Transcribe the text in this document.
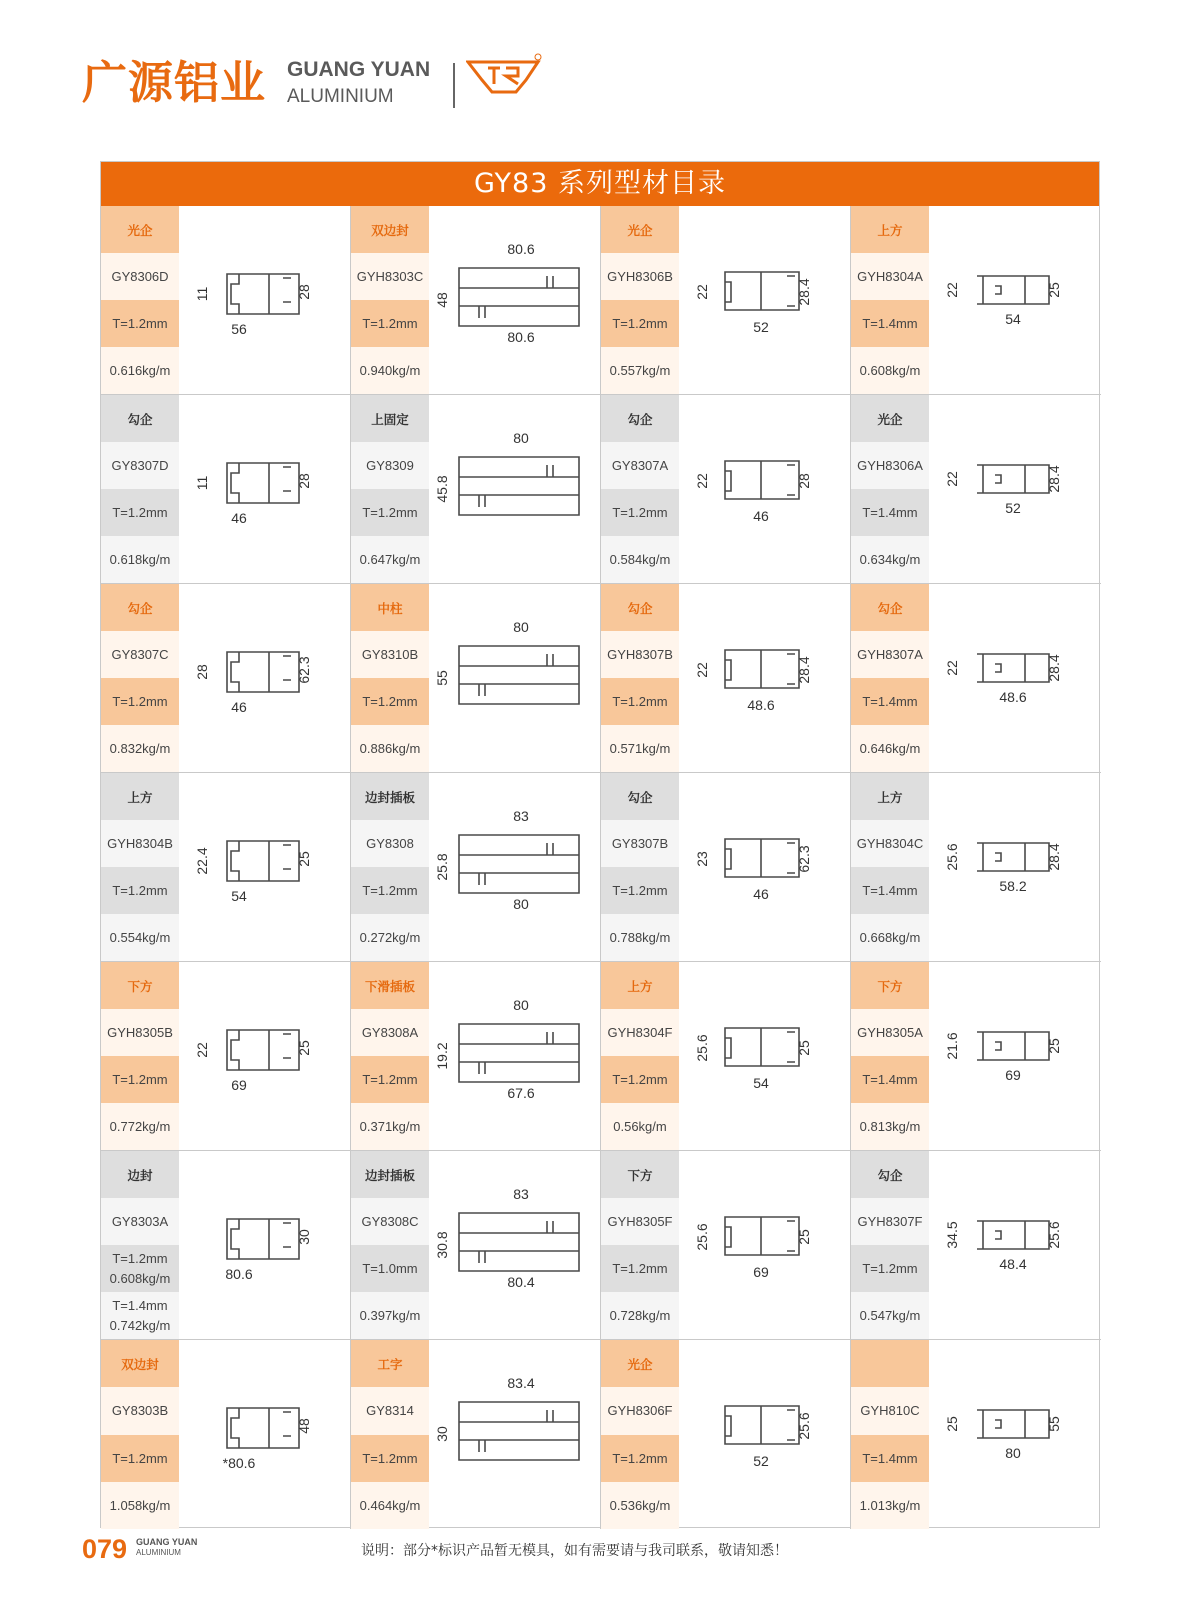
广源铝业 GUANG YUAN
ALUMINIUM
GY83 系列型材目录
光企
GY8306D
T=1.2mm
0.616kg/m
56
28
11
双边封
GYH8303C
T=1.2mm
0.940kg/m
80.6
80.6
48
光企
GYH8306B
T=1.2mm
0.557kg/m
52
28.4
22
上方
GYH8304A
T=1.4mm
0.608kg/m
54
25
22
勾企
GY8307D
T=1.2mm
0.618kg/m
46
28
11
上固定
GY8309
T=1.2mm
0.647kg/m
80
45.8
勾企
GY8307A
T=1.2mm
0.584kg/m
46
28
22
光企
GYH8306A
T=1.4mm
0.634kg/m
52
28.4
22
勾企
GY8307C
T=1.2mm
0.832kg/m
46
62.3
28
中柱
GY8310B
T=1.2mm
0.886kg/m
80
55
勾企
GYH8307B
T=1.2mm
0.571kg/m
48.6
28.4
22
勾企
GYH8307A
T=1.4mm
0.646kg/m
48.6
28.4
22
上方
GYH8304B
T=1.2mm
0.554kg/m
54
25
22.4
边封插板
GY8308
T=1.2mm
0.272kg/m
83
80
25.8
勾企
GY8307B
T=1.2mm
0.788kg/m
46
62.3
23
上方
GYH8304C
T=1.4mm
0.668kg/m
58.2
28.4
25.6
下方
GYH8305B
T=1.2mm
0.772kg/m
69
25
22
下滑插板
GY8308A
T=1.2mm
0.371kg/m
80
67.6
19.2
上方
GYH8304F
T=1.2mm
0.56kg/m
54
25
25.6
下方
GYH8305A
T=1.4mm
0.813kg/m
69
25
21.6
边封
GY8303A
T=1.2mm
0.608kg/m
T=1.4mm
0.742kg/m
80.6
30
边封插板
GY8308C
T=1.0mm
0.397kg/m
83
80.4
30.8
下方
GYH8305F
T=1.2mm
0.728kg/m
69
25
25.6
勾企
GYH8307F
T=1.2mm
0.547kg/m
48.4
25.6
34.5
双边封
GY8303B
T=1.2mm
1.058kg/m
*80.6
48
工字
GY8314
T=1.2mm
0.464kg/m
83.4
30
光企
GYH8306F
T=1.2mm
0.536kg/m
52
25.6
GYH810C
T=1.4mm
1.013kg/m
80
55
25
079 GUANG YUAN
ALUMINIUM	说明：部分*标识产品暂无模具，如有需要请与我司联系，敬请知悉！
